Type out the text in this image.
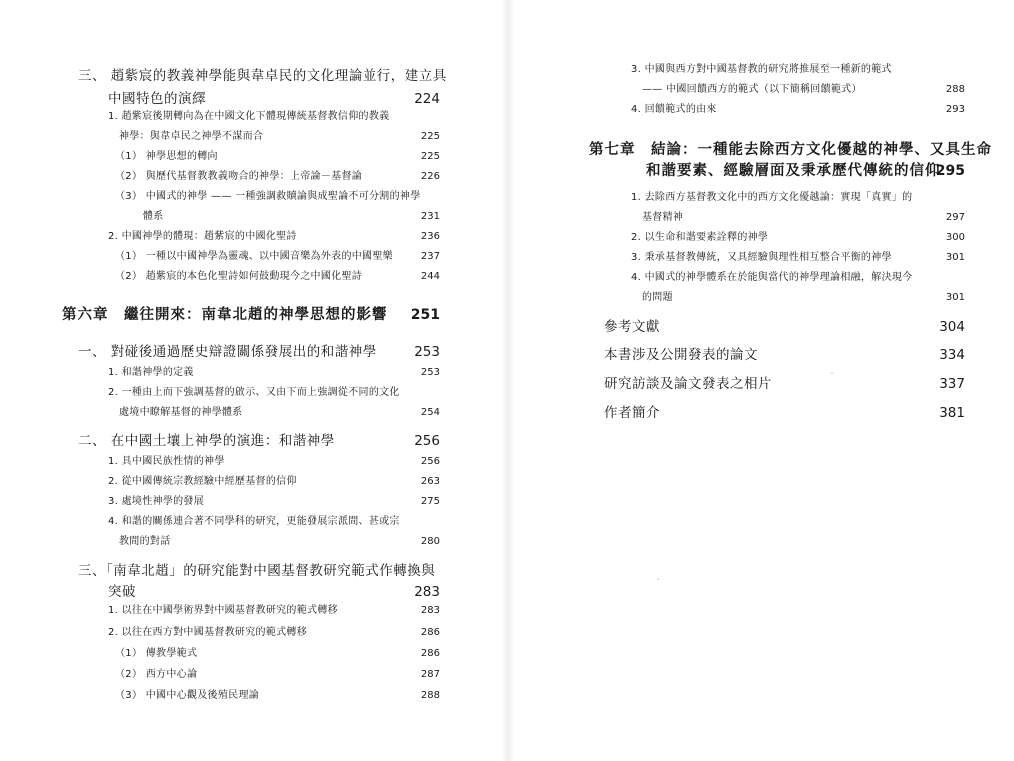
三、 趙紫宸的教義神學能與韋卓民的文化理論並行，建立具
中國特色的演繹	224
1. 趙紫宸後期轉向為在中國文化下體現傳統基督教信仰的教義
神學：與韋卓民之神學不謀而合	225
（1） 神學思想的轉向	225
（2） 與歷代基督教教義吻合的神學：上帝論－基督論	226
（3） 中國式的神學 —— 一種強調救贖論與成聖論不可分割的神學
體系	231
2. 中國神學的體現：趙紫宸的中國化聖詩	236
（1） 一種以中國神學為靈魂、以中國音樂為外表的中國聖樂	237
（2） 趙紫宸的本色化聖詩如何鼓動現今之中國化聖詩	244
第六章　繼往開來：南韋北趙的神學思想的影響 251
一、 對碰後通過歷史辯證關係發展出的和諧神學	253
1. 和諧神學的定義	253
2. 一種由上而下強調基督的啟示、又由下而上強調從不同的文化
處境中瞭解基督的神學體系	254
二、 在中國土壤上神學的演進：和諧神學	256
1. 具中國民族性情的神學	256
2. 從中國傳統宗教經驗中經歷基督的信仰	263
3. 處境性神學的發展	275
4. 和諧的關係連合著不同學科的研究，更能發展宗派間、甚或宗
教間的對話	280
三、「南韋北趙」的研究能對中國基督教研究範式作轉換與
突破	283
1. 以往在中國學術界對中國基督教研究的範式轉移	283
2. 以往在西方對中國基督教研究的範式轉移	286
（1） 傳教學範式	286
（2） 西方中心論	287
（3） 中國中心觀及後殖民理論	288
3. 中國與西方對中國基督教的研究將推展至一種新的範式
—— 中國回饋西方的範式（以下簡稱回饋範式）	288
4. 回饋範式的由來	293
第七章　結論：一種能去除西方文化優越的神學、又具生命
和諧要素、經驗層面及秉承歷代傳統的信仰
295
1. 去除西方基督教文化中的西方文化優越論：實現「真實」的
基督精神	297
2. 以生命和諧要素詮釋的神學	300
3. 秉承基督教傳統，又具經驗與理性相互整合平衡的神學	301
4. 中國式的神學體系在於能與當代的神學理論相融，解決現今
的問題	301
參考文獻	304
本書涉及公開發表的論文	334
研究訪談及論文發表之相片	337
作者簡介	381
